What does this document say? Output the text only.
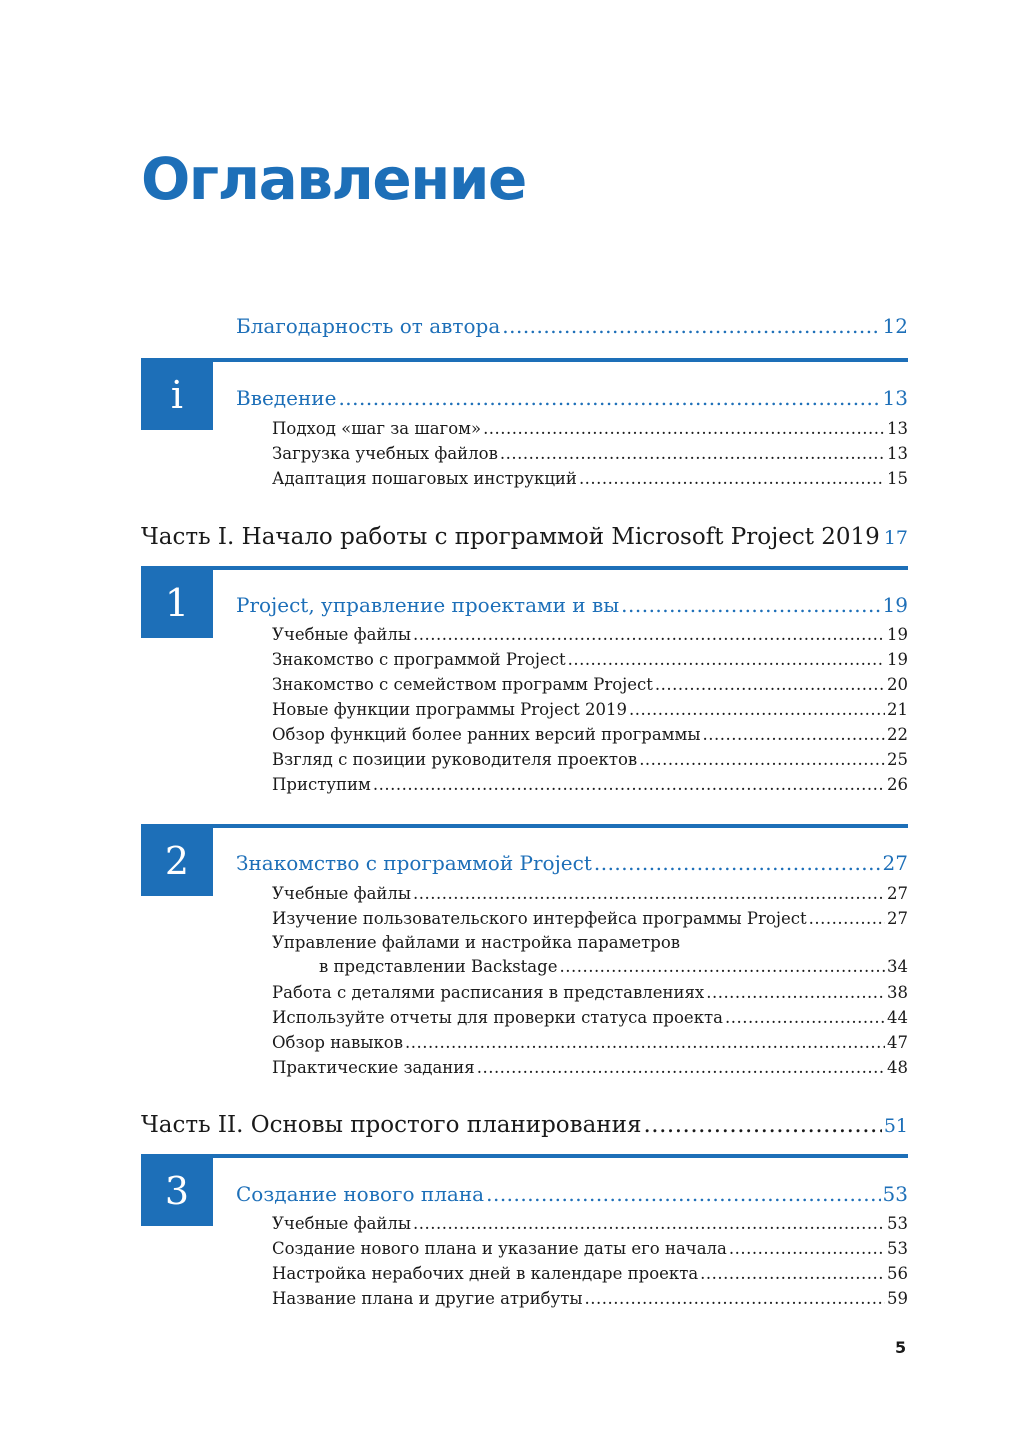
Оглавление
Благодарность от автора .....	12
i	Введение .....	13
Подход «шаг за шагом» .....	13
Загрузка учебных файлов .....	13
Адаптация пошаговых инструкций .....	15
Часть I. Начало работы с программой Microsoft Project 2019 ..... 17
1	Project, управление проектами и вы .....	19
Учебные файлы .....	19
Знакомство с программой Project .....	19
Знакомство с семейством программ Project .....	20
Новые функции программы Project 2019 .....	21
Обзор функций более ранних версий программы .....	22
Взгляд с позиции руководителя проектов .....	25
Приступим .....	26
2	Знакомство с программой Project .....	27
Учебные файлы .....	27
Изучение пользовательского интерфейса программы Project .....	27
Управление файлами и настройка параметров
в представлении Backstage .....	34
Работа с деталями расписания в представлениях .....	38
Используйте отчеты для проверки статуса проекта .....	44
Обзор навыков .....	47
Практические задания .....	48
Часть II. Основы простого планирования .....	51
3	Создание нового плана .....	53
Учебные файлы .....	53
Создание нового плана и указание даты его начала .....	53
Настройка нерабочих дней в календаре проекта .....	56
Название плана и другие атрибуты .....	59
5
